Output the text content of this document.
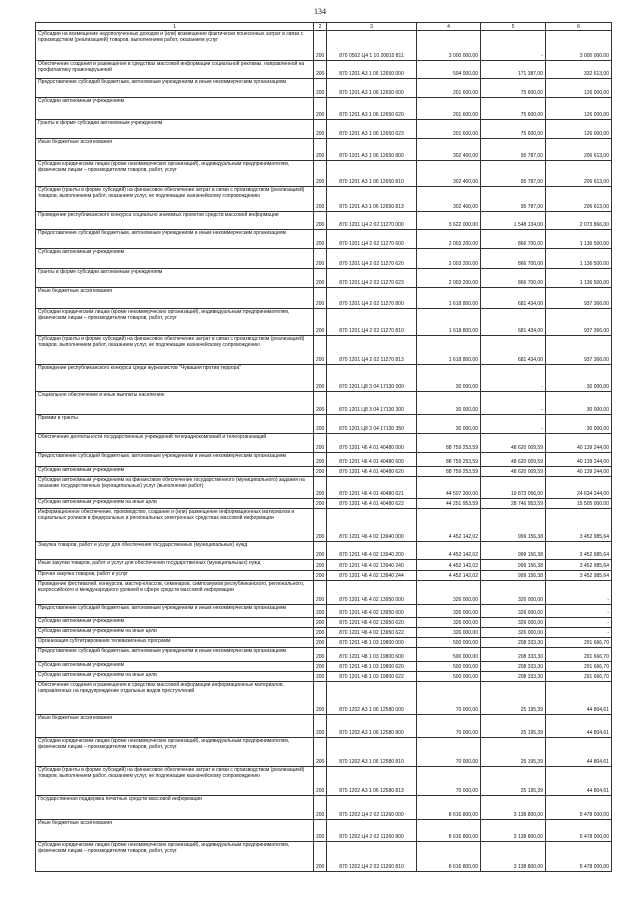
134
1	2	3	4	5	6
Субсидии на возмещение недополученных доходов и (или) возмещение фактически понесенных затрат в связи с производством (реализацией) товаров, выполнением работ, оказанием услуг	200	870 0502 Ц4 1 10 20810 811	3 000 000,00	-	3 000 000,00
Обеспечение создания и размещения в средствах массовой информации социальной рекламы, направленной на профилактику правонарушений	200	870 1201 А3 1 06 12650 000	504 000,00	171 387,00	332 613,00
Предоставление субсидий бюджетным, автономным учреждениям и иным некоммерческим организациям	200	870 1201 А3 1 06 12650 600	201 600,00	75 600,00	126 000,00
Субсидии автономным учреждениям	200	870 1201 А3 1 06 12650 620	201 600,00	75 600,00	126 000,00
Гранты в форме субсидии автономным учреждениям	200	870 1201 А3 1 06 12650 623	201 600,00	75 600,00	126 000,00
Иные бюджетные ассигнования	200	870 1201 А3 1 06 12650 800	302 400,00	95 787,00	206 613,00
Субсидии юридическим лицам (кроме некоммерческих организаций), индивидуальным предпринимателям, физическим лицам – производителям товаров, работ, услуг	200	870 1201 А3 1 06 12650 810	302 400,00	95 787,00	206 613,00
Субсидии (гранты в форме субсидий) на финансовое обеспечение затрат в связи с производством (реализацией) товаров, выполнением работ, оказанием услуг, не подлежащие казначейскому сопровождению	200	870 1201 А3 1 06 12650 813	302 400,00	95 787,00	206 613,00
Проведение республиканского конкурса социально значимых проектов средств массовой информации	200	870 1201 Ц4 2 02 11270 000	3 622 000,00	1 548 134,00	2 073 866,00
Предоставление субсидий бюджетным, автономным учреждениям и иным некоммерческим организациям	200	870 1201 Ц4 2 02 11270 600	2 003 200,00	866 700,00	1 136 500,00
Субсидии автономным учреждениям	200	870 1201 Ц4 2 02 11270 620	2 003 200,00	866 700,00	1 136 500,00
Гранты в форме субсидии автономным учреждениям	200	870 1201 Ц4 2 02 11270 623	2 003 200,00	866 700,00	1 136 500,00
Иные бюджетные ассигнования	200	870 1201 Ц4 2 02 11270 800	1 618 800,00	681 434,00	937 366,00
Субсидии юридическим лицам (кроме некоммерческих организаций), индивидуальным предпринимателям, физическим лицам – производителям товаров, работ, услуг	200	870 1201 Ц4 2 02 11270 810	1 618 800,00	681 434,00	937 366,00
Субсидии (гранты в форме субсидий) на финансовое обеспечение затрат в связи с производством (реализацией) товаров, выполнением работ, оказанием услуг, не подлежащие казначейскому сопровождению	200	870 1201 Ц4 2 02 11270 813	1 618 800,00	681 434,00	937 366,00
Проведение республиканского конкурса среди журналистов "Чувашия против террора"	200	870 1201 Ц8 3 04 17130 000	30 000,00	-	30 000,00
Социальное обеспечение и иные выплаты населению	200	870 1201 Ц8 3 04 17130 300	30 000,00	-	30 000,00
Премии и гранты	200	870 1201 Ц8 3 04 17130 350	30 000,00	-	30 000,00
Обеспечение деятельности государственных учреждений телерадиокомпаний и телеорганизаций	200	870 1201 Ч6 4 01 40480 000	88 759 253,59	48 620 009,59	40 139 244,00
Предоставление субсидий бюджетным, автономным учреждениям и иным некоммерческим организациям	200	870 1201 Ч6 4 01 40480 600	88 759 253,59	48 620 009,59	40 139 244,00
Субсидии автономным учреждениям	200	870 1201 Ч6 4 01 40480 620	88 759 253,59	48 620 009,59	40 139 244,00
Субсидии автономным учреждениям на финансовое обеспечение государственного (муниципального) задания на оказание государственных (муниципальных) услуг (выполнение работ)	200	870 1201 Ч6 4 01 40480 621	44 507 300,00	19 873 056,00	24 634 244,00
Субсидии автономным учреждениям на иные цели	200	870 1201 Ч6 4 01 40480 622	44 251 953,59	28 746 953,59	15 505 000,00
Информационное обеспечение, производство, создание и (или) размещение информационных материалов и социальных роликов в федеральных и региональных электронных средствах массовой информации	200	870 1201 Ч6 4 02 13940 000	4 452 142,02	999 156,38	3 452 985,64
Закупка товаров, работ и услуг для обеспечения государственных (муниципальных) нужд	200	870 1201 Ч6 4 02 13940 200	4 452 142,02	999 156,38	3 452 985,64
Иные закупки товаров, работ и услуг для обеспечения государственных (муниципальных) нужд	200	870 1201 Ч6 4 02 13940 240	4 452 142,02	999 156,38	3 452 985,64
Прочая закупка товаров, работ и услуг	200	870 1201 Ч6 4 02 13940 244	4 452 142,02	999 156,38	3 452 985,64
Проведение фестивалей, конкурсов, мастер-классов, семинаров, симпозиумов республиканского, регионального, всероссийского и международного уровней в сфере средств массовой информации	200	870 1201 Ч6 4 02 13950 000	326 000,00	326 000,00	-
Предоставление субсидий бюджетным, автономным учреждениям и иным некоммерческим организациям	200	870 1201 Ч6 4 02 13950 600	326 000,00	326 000,00	-
Субсидии автономным учреждениям	200	870 1201 Ч6 4 02 13950 620	326 000,00	326 000,00	-
Субсидии автономным учреждениям на иные цели	200	870 1201 Ч6 4 02 13950 622	326 000,00	326 000,00	-
Организация субтитрирования телевизионных программ	200	870 1201 Ч8 1 03 19800 000	500 000,00	208 333,30	291 666,70
Предоставление субсидий бюджетным, автономным учреждениям и иным некоммерческим организациям	200	870 1201 Ч8 1 03 19800 600	500 000,00	208 333,30	291 666,70
Субсидии автономным учреждениям	200	870 1201 Ч8 1 03 19800 620	500 000,00	208 333,30	291 666,70
Субсидии автономным учреждениям на иные цели	200	870 1201 Ч8 1 03 19800 622	500 000,00	208 333,30	291 666,70
Обеспечение создания и размещения в средствах массовой информации информационных материалов, направленных на предупреждение отдельных видов преступлений	200	870 1202 А3 1 06 12580 000	70 000,00	25 195,39	44 804,61
Иные бюджетные ассигнования	200	870 1202 А3 1 06 12580 800	70 000,00	25 195,39	44 804,61
Субсидии юридическим лицам (кроме некоммерческих организаций), индивидуальным предпринимателям, физическим лицам – производителям товаров, работ, услуг	200	870 1202 А3 1 06 12580 810	70 000,00	25 195,39	44 804,61
Субсидии (гранты в форме субсидий) на финансовое обеспечение затрат в связи с производством (реализацией) товаров, выполнением работ, оказанием услуг, не подлежащие казначейскому сопровождению	200	870 1202 А3 1 06 12580 813	70 000,00	25 195,39	44 804,61
Государственная поддержка печатных средств массовой информации	200	870 1202 Ц4 2 02 11260 000	8 616 800,00	3 138 800,00	5 478 000,00
Иные бюджетные ассигнования	200	870 1202 Ц4 2 02 11260 800	8 616 800,00	3 138 800,00	5 478 000,00
Субсидии юридическим лицам (кроме некоммерческих организаций), индивидуальным предпринимателям, физическим лицам – производителям товаров, работ, услуг	200	870 1202 Ц4 2 02 11260 810	8 616 800,00	3 138 800,00	5 478 000,00
